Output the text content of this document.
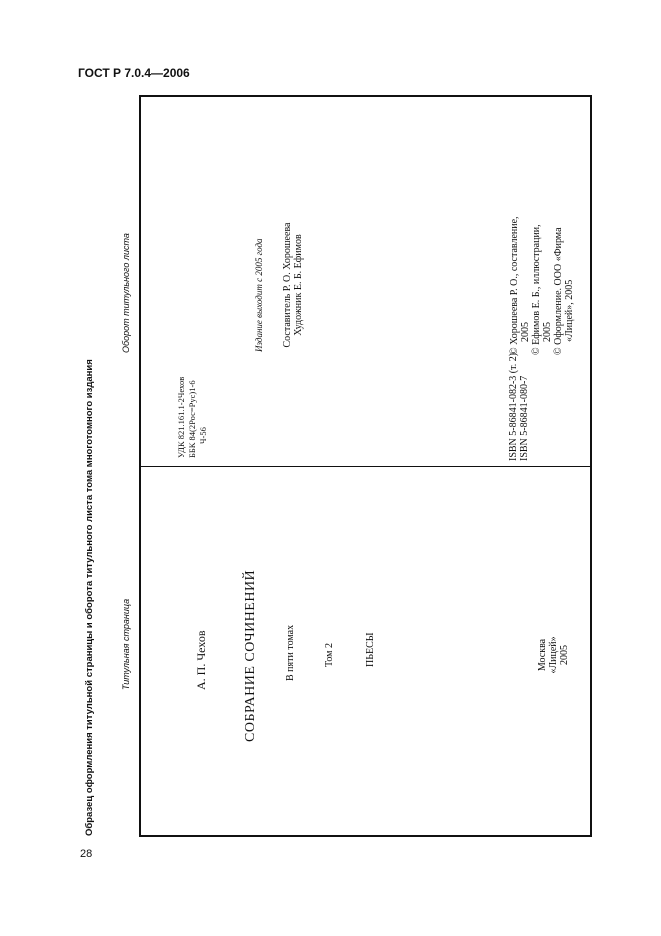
ГОСТ Р 7.0.4—2006
Образец оформления титульной страницы и оборота титульного листа тома многотомного издания	Титульная страница
Оборот титульного листа
А. П. Чехов	СОБРАНИЕ СОЧИНЕНИЙ	В пяти томах	Том 2	ПЬЕСЫ	Москва «Лицей» 2005
УДК 821.161.1-2Чехов ББК 84(2Рос=Рус)1-6 Ч-56
Издание выходит с 2005 года Составитель Р. О. Хорошеева Художник Е. Б. Ефимов
ISBN 5-86841-082-3 (т. 2) ISBN 5-86841-080-7
© Хорошеева Р. О., составление, 2005 © Ефимов Е. Б., иллюстрации, 2005 © Оформление. ООО «Фирма «Лицей», 2005
28
